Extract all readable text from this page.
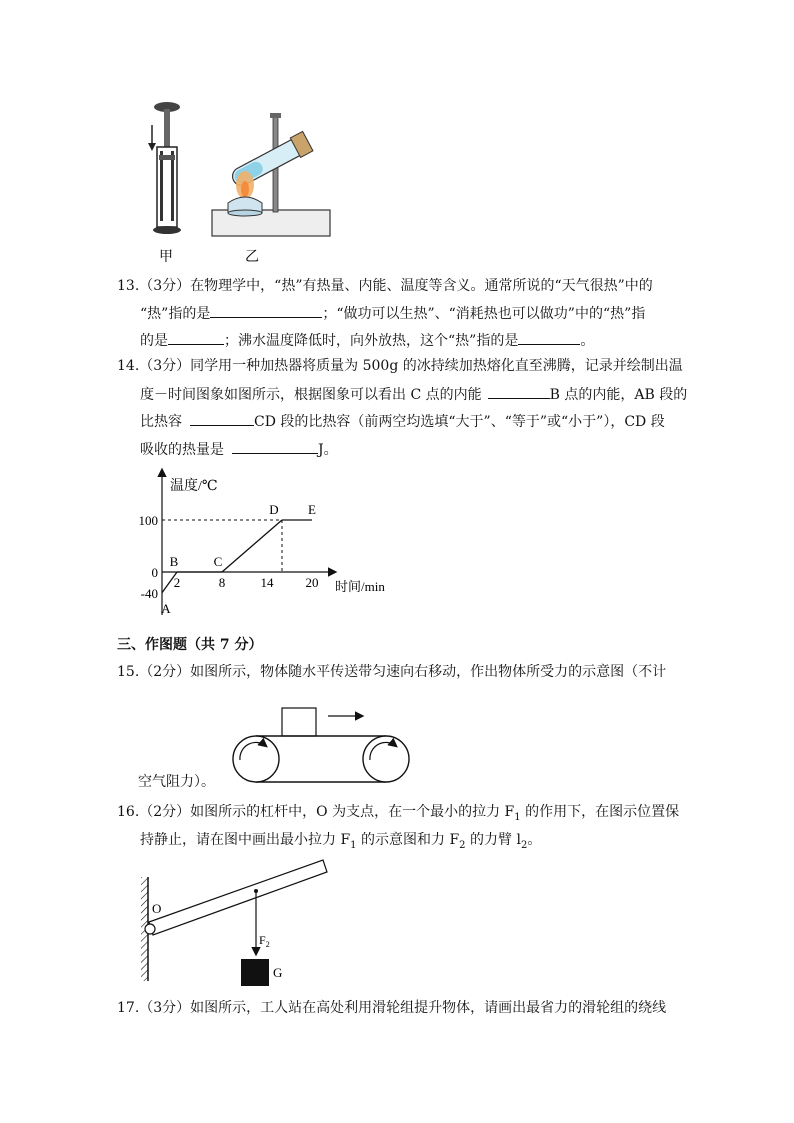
甲	乙
13.（3分）在物理学中，“热”有热量、内能、温度等含义。通常所说的“天气很热”中的
“热”指的是	；“做功可以生热”、“消耗热也可以做功”中的“热”指
的是	；沸水温度降低时，向外放热，这个“热”指的是	。
14.（3分）同学用一种加热器将质量为 500g 的冰持续加热熔化直至沸腾，记录并绘制出温
度－时间图象如图所示，根据图象可以看出 C 点的内能	B 点的内能，AB 段的
比热容	CD 段的比热容（前两空均选填“大于”、“等于”或“小于”），CD 段
吸收的热量是	J。
温度/℃
时间/min
2	8	14 20
100
0
-40
A
B	C
D E
三、作图题（共 7 分）
15.（2分）如图所示，物体随水平传送带匀速向右移动，作出物体所受力的示意图（不计
空气阻力）。
16.（2分）如图所示的杠杆中，O 为支点，在一个最小的拉力 $F_1$ 的作用下，在图示位置保
持静止，请在图中画出最小拉力 $F_1$ 的示意图和力 $F_2$ 的力臂 $l_2$。
O
$F_2$
G
17.（3分）如图所示，工人站在高处利用滑轮组提升物体，请画出最省力的滑轮组的绕线
